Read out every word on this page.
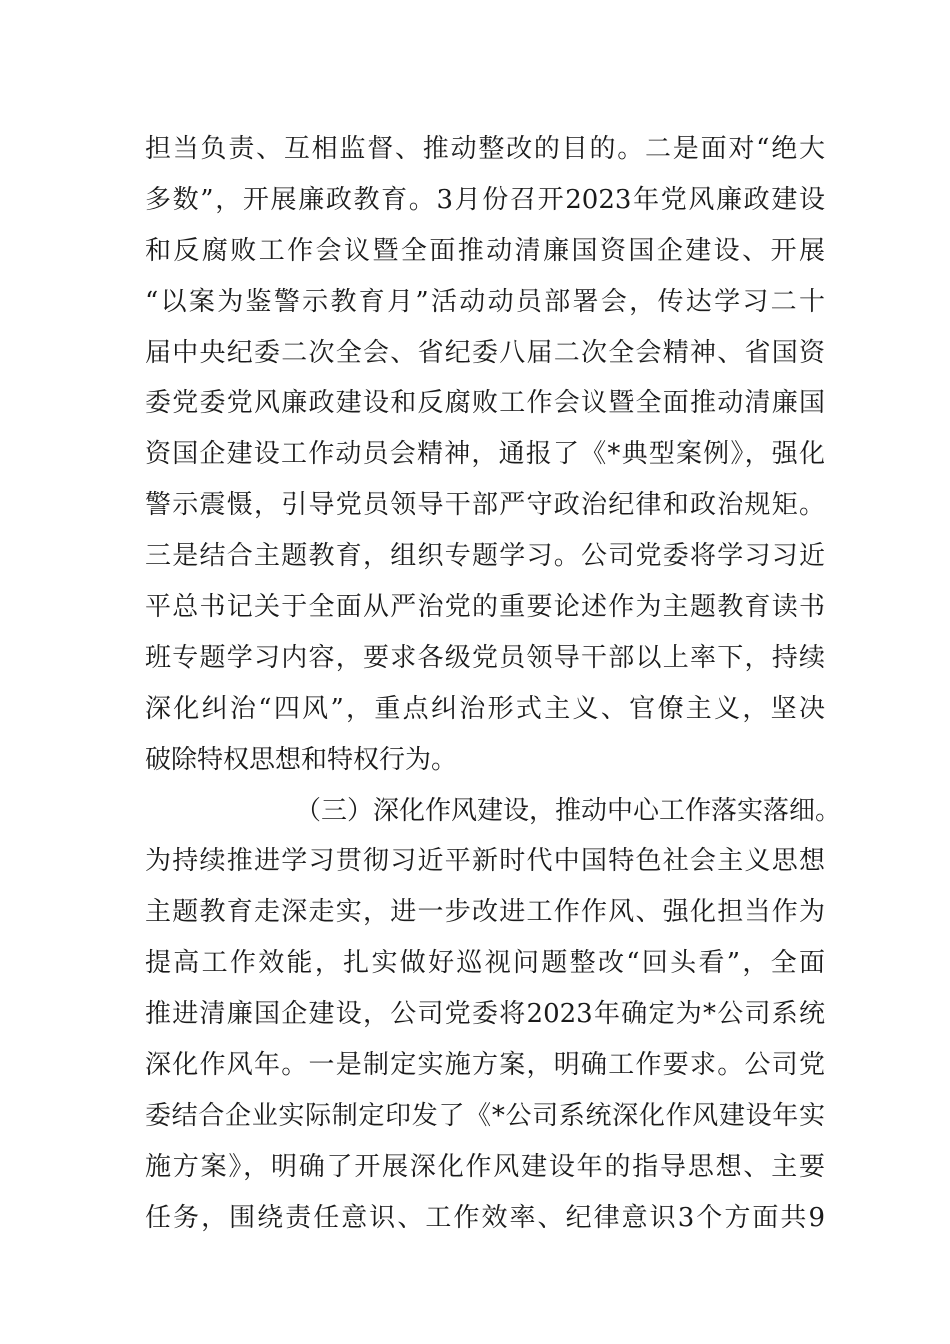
担当负责、互相监督、推动整改的目的。二是面对“绝大
多数”，开展廉政教育。3月份召开2023年党风廉政建设
和反腐败工作会议暨全面推动清廉国资国企建设、开展
“以案为鉴警示教育月”活动动员部署会，传达学习二十
届中央纪委二次全会、省纪委八届二次全会精神、省国资
委党委党风廉政建设和反腐败工作会议暨全面推动清廉国
资国企建设工作动员会精神，通报了《*典型案例》，强化
警示震慑，引导党员领导干部严守政治纪律和政治规矩。
三是结合主题教育，组织专题学习。公司党委将学习习近
平总书记关于全面从严治党的重要论述作为主题教育读书
班专题学习内容，要求各级党员领导干部以上率下，持续
深化纠治“四风”，重点纠治形式主义、官僚主义，坚决
破除特权思想和特权行为。
（三）深化作风建设，推动中心工作落实落细。
为持续推进学习贯彻习近平新时代中国特色社会主义思想
主题教育走深走实，进一步改进工作作风、强化担当作为
提高工作效能，扎实做好巡视问题整改“回头看”，全面
推进清廉国企建设，公司党委将2023年确定为*公司系统
深化作风年。一是制定实施方案，明确工作要求。公司党
委结合企业实际制定印发了《*公司系统深化作风建设年实
施方案》，明确了开展深化作风建设年的指导思想、主要
任务，围绕责任意识、工作效率、纪律意识3个方面共9
